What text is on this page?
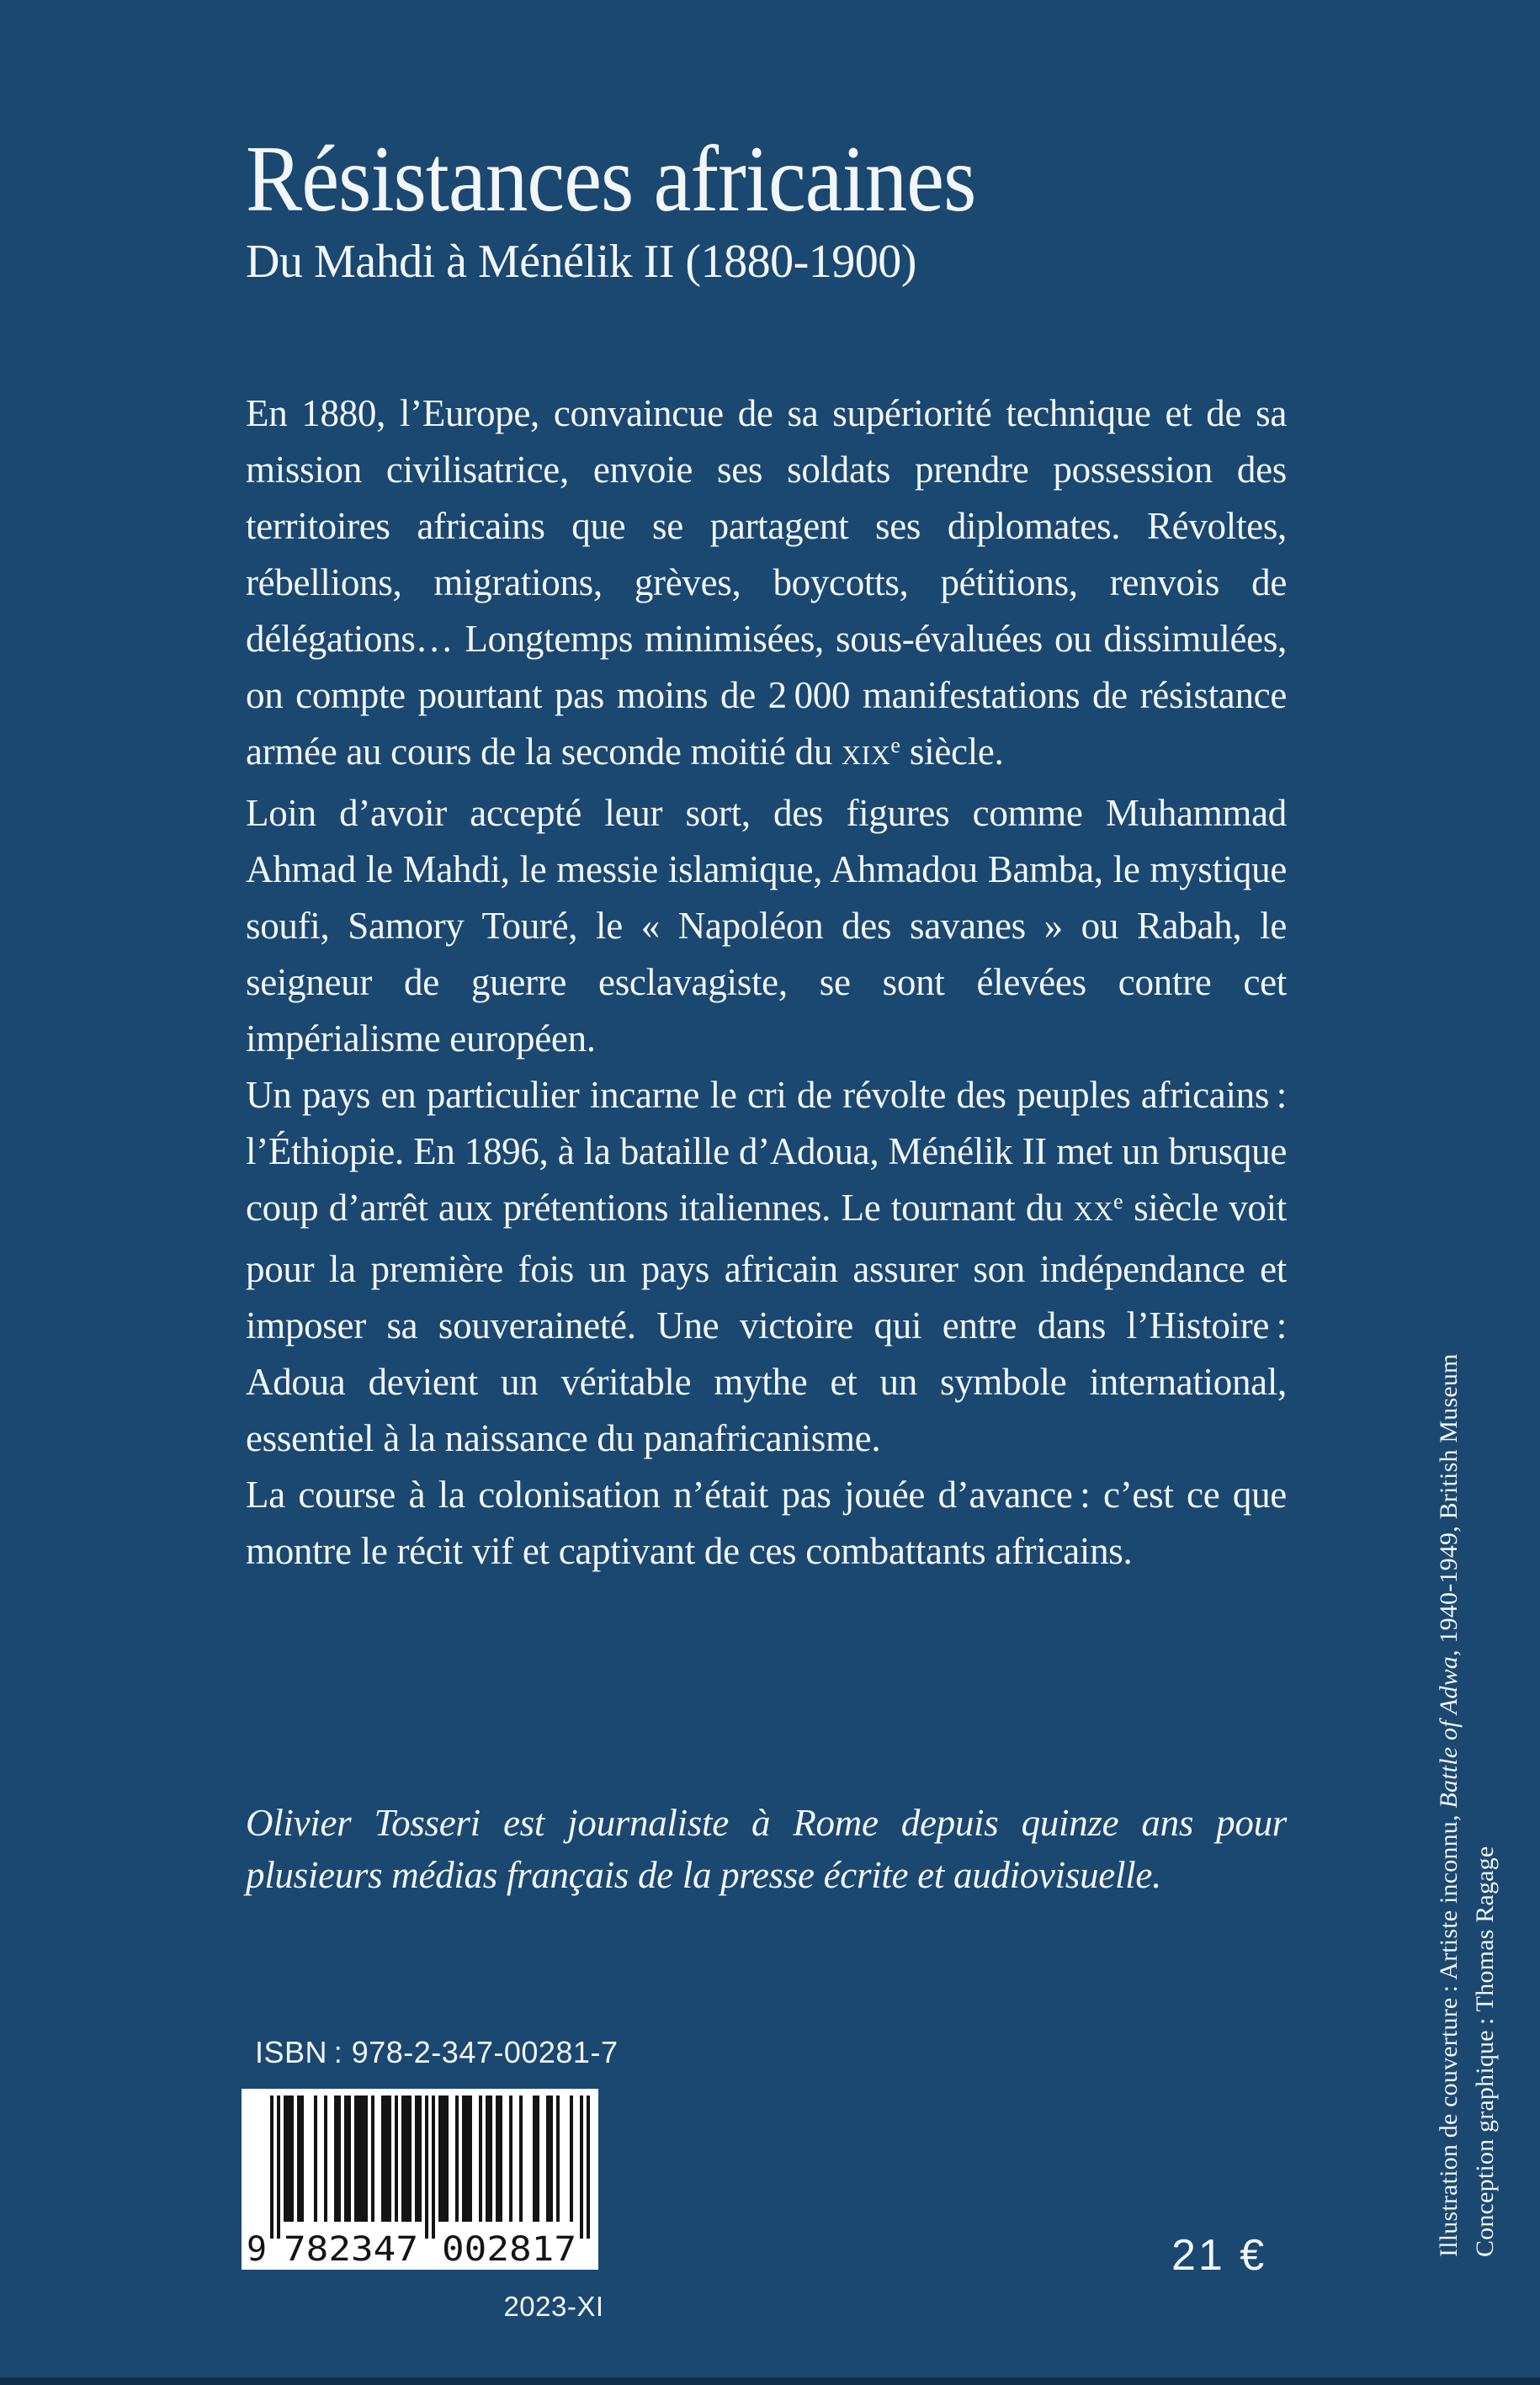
Résistances africaines
Du Mahdi à Ménélik II (1880-1900)

En 1880, l’Europe, convaincue de sa supériorité technique et de sa mission civilisatrice, envoie ses soldats prendre possession des territoires africains que se partagent ses diplomates. Révoltes, rébellions, migrations, grèves, boycotts, pétitions, renvois de délégations… Longtemps minimisées, sous-évaluées ou dissimulées, on compte pourtant pas moins de 2 000 manifestations de résistance armée au cours de la seconde moitié du xix$^e$ siècle.

Loin d’avoir accepté leur sort, des figures comme Muhammad Ahmad le Mahdi, le messie islamique, Ahmadou Bamba, le mystique soufi, Samory Touré, le « Napoléon des savanes » ou Rabah, le seigneur de guerre esclavagiste, se sont élevées contre cet impérialisme européen.

Un pays en particulier incarne le cri de révolte des peuples africains : l’Éthiopie. En 1896, à la bataille d’Adoua, Ménélik II met un brusque coup d’arrêt aux prétentions italiennes. Le tournant du $xx^e$ siècle voit pour la première fois un pays africain assurer son indépendance et imposer sa souveraineté. Une victoire qui entre dans l’Histoire : Adoua devient un véritable mythe et un symbole international, essentiel à la naissance du panafricanisme.

La course à la colonisation n’était pas jouée d’avance : c’est ce que montre le récit vif et captivant de ces combattants africains.

Olivier Tosseri est journaliste à Rome depuis quinze ans pour plusieurs médias français de la presse écrite et audiovisuelle.

ISBN : 978-2-347-00281-7
9 782347 002817
2023-XI
21 €	Illustration de couverture : Artiste inconnu, Battle of Adwa, 1940-1949, British Museum
Conception graphique : Thomas Ragage
